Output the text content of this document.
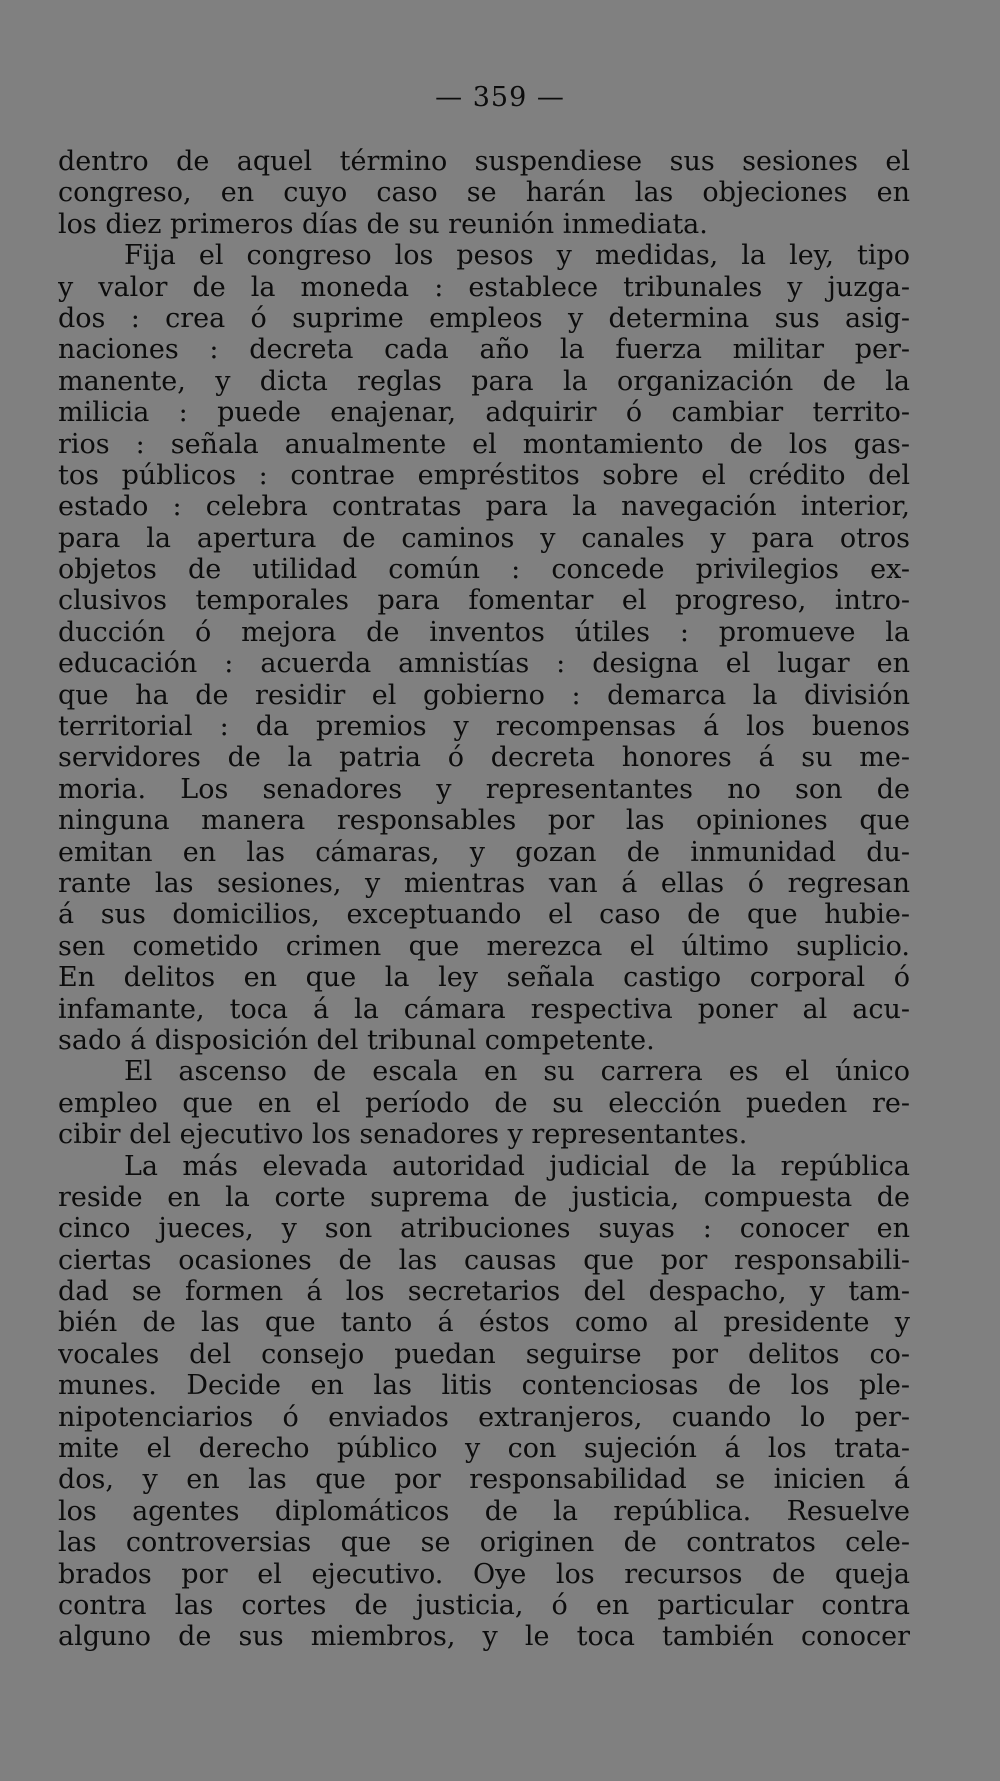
— 359 —
dentro de aquel término suspendiese sus sesiones el
congreso, en cuyo caso se harán las objeciones en
los diez primeros días de su reunión inmediata.
Fija el congreso los pesos y medidas, la ley, tipo
y valor de la moneda : establece tribunales y juzga-
dos : crea ó suprime empleos y determina sus asig-
naciones : decreta cada año la fuerza militar per-
manente, y dicta reglas para la organización de la
milicia : puede enajenar, adquirir ó cambiar territo-
rios : señala anualmente el montamiento de los gas-
tos públicos : contrae empréstitos sobre el crédito del
estado : celebra contratas para la navegación interior,
para la apertura de caminos y canales y para otros
objetos de utilidad común : concede privilegios ex-
clusivos temporales para fomentar el progreso, intro-
ducción ó mejora de inventos útiles : promueve la
educación : acuerda amnistías : designa el lugar en
que ha de residir el gobierno : demarca la división
territorial : da premios y recompensas á los buenos
servidores de la patria ó decreta honores á su me-
moria. Los senadores y representantes no son de
ninguna manera responsables por las opiniones que
emitan en las cámaras, y gozan de inmunidad du-
rante las sesiones, y mientras van á ellas ó regresan
á sus domicilios, exceptuando el caso de que hubie-
sen cometido crimen que merezca el último suplicio.
En delitos en que la ley señala castigo corporal ó
infamante, toca á la cámara respectiva poner al acu-
sado á disposición del tribunal competente.
El ascenso de escala en su carrera es el único
empleo que en el período de su elección pueden re-
cibir del ejecutivo los senadores y representantes.
La más elevada autoridad judicial de la república
reside en la corte suprema de justicia, compuesta de
cinco jueces, y son atribuciones suyas : conocer en
ciertas ocasiones de las causas que por responsabili-
dad se formen á los secretarios del despacho, y tam-
bién de las que tanto á éstos como al presidente y
vocales del consejo puedan seguirse por delitos co-
munes. Decide en las litis contenciosas de los ple-
nipotenciarios ó enviados extranjeros, cuando lo per-
mite el derecho público y con sujeción á los trata-
dos, y en las que por responsabilidad se inicien á
los agentes diplomáticos de la república. Resuelve
las controversias que se originen de contratos cele-
brados por el ejecutivo. Oye los recursos de queja
contra las cortes de justicia, ó en particular contra
alguno de sus miembros, y le toca también conocer
